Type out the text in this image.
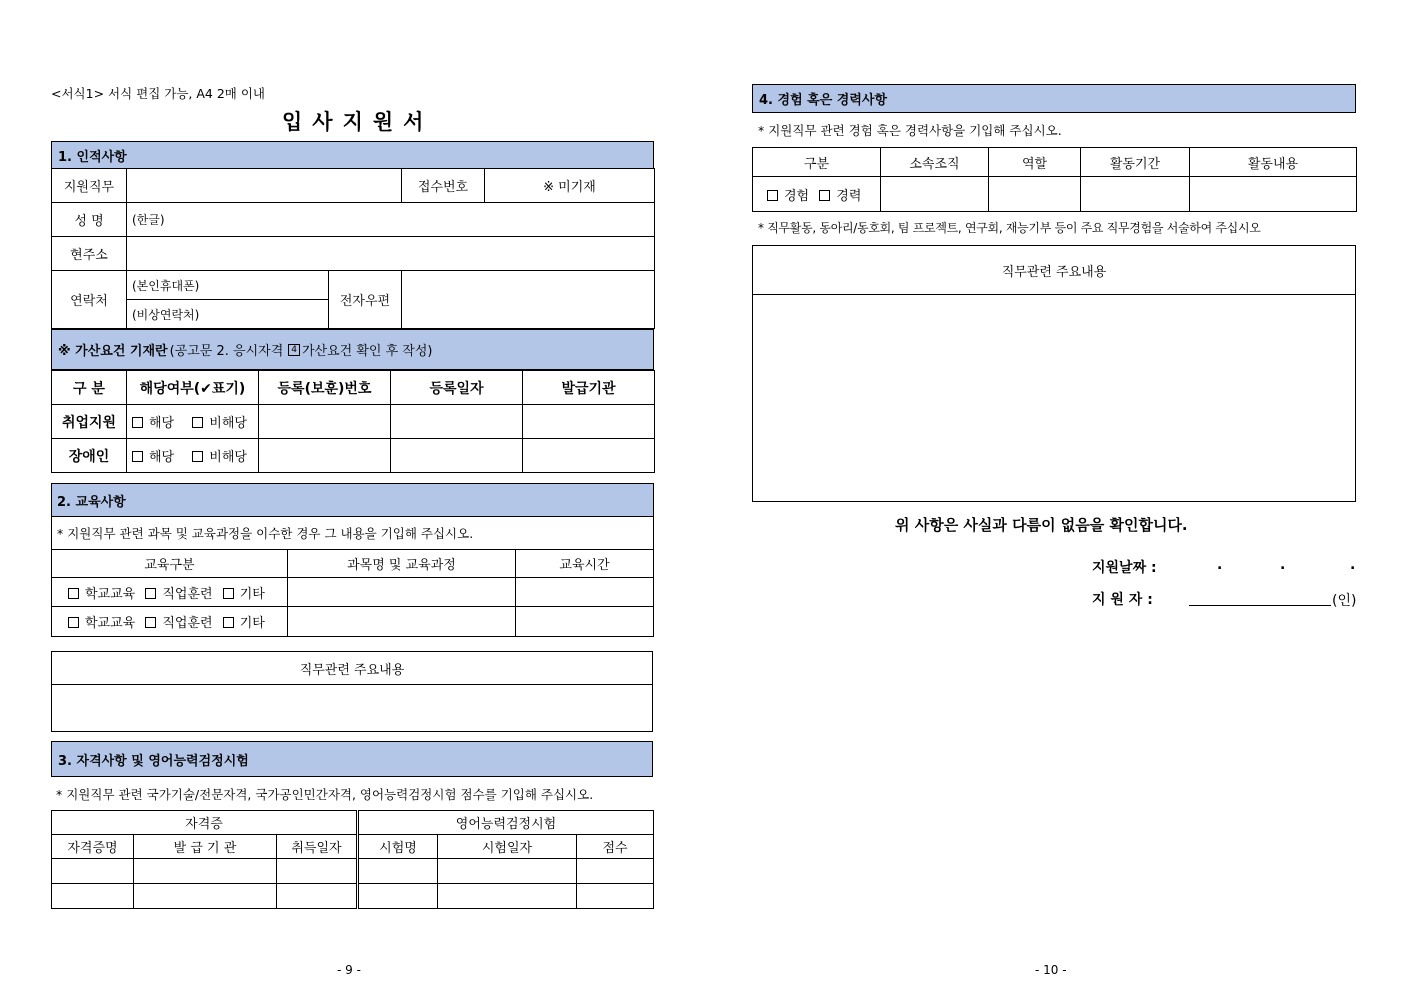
<서식1> 서식 편집 가능, A4 2매 이내
입사지원서
1. 인적사항
지원직무			접수번호	※ 미기재
성 명	(한글)			
현주소				
연락처	(본인휴대폰)	전자우편		
	(비상연락처)			
※ 가산요건 기재란 (공고문 2. 응시자격 4 가산요건 확인 후 작성)
구 분	해당여부(✔표기)	등록(보훈)번호	등록일자	발급기관
취업지원	해당 비해당			
장애인	해당 비해당			
2. 교육사항		
* 지원직무 관련 과목 및 교육과정을 이수한 경우 그 내용을 기입해 주십시오.		
교육구분	과목명 및 교육과정	교육시간
학교교육 직업훈련 기타		
학교교육 직업훈련 기타		
직무관련 주요내용

3. 자격사항 및 영어능력검정시험
* 지원직무 관련 국가기술/전문자격, 국가공인민간자격, 영어능력검정시험 점수를 기입해 주십시오.
자격증			영어능력검정시험		
자격증명	발 급 기 관	취득일자	시험명	시험일자	점수

- 9 -
4. 경험 혹은 경력사항
* 지원직무 관련 경험 혹은 경력사항을 기입해 주십시오.
구분	소속조직	역할	활동기간	활동내용
경험 경력				
* 직무활동, 동아리/동호회, 팀 프로젝트, 연구회, 재능기부 등이 주요 직무경험을 서술하여 주십시오
직무관련 주요내용

위 사항은 사실과 다름이 없음을 확인합니다.
지원날짜 :	.	.	.
지 원 자 :	(인)
- 10 -
